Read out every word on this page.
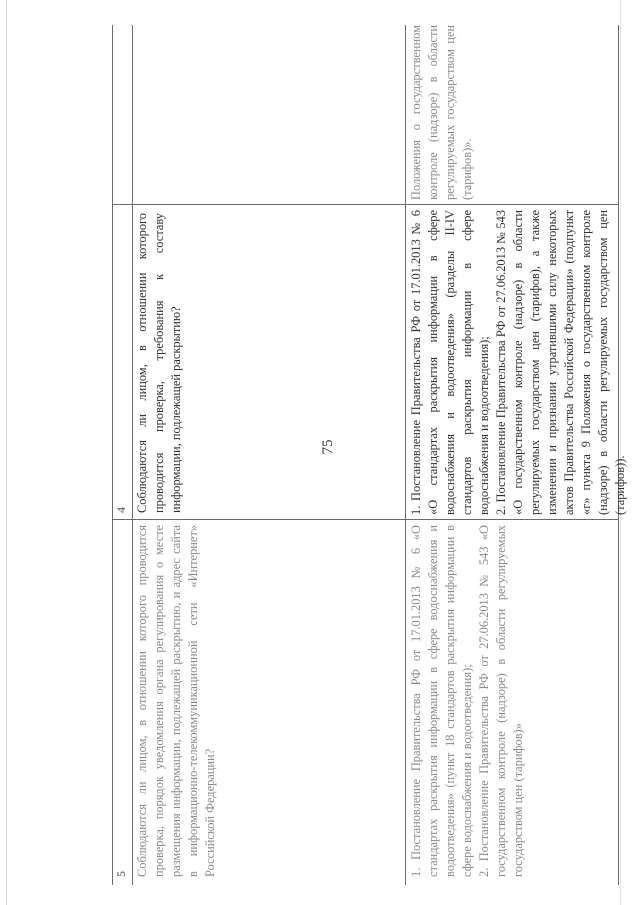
75
4 Соблюдаются ли лицом, в отношении которого проводится проверка, требования к составу информации, подлежащей раскрытию?	1. Постановление Правительства РФ от 17.01.2013 № 6 «О стандартах раскрытия информации в сфере водоснабжения и водоотведения» (разделы II-IV стандартов раскрытия информации в сфере водоснабжения и водоотведения); 2. Постановление Правительства РФ от 27.06.2013 № 543 «О государственном контроле (надзоре) в области регулируемых государством цен (тарифов), а также изменении и признании утратившими силу некоторых актов Правительства Российской Федерации» (подпункт «г» пункта 9 Положения о государственном контроле (надзоре) в области регулируемых государством цен (тарифов)).

Положения о государственном контроле (надзоре) в области регулируемых государством цен (тарифов)».
5 Соблюдаются ли лицом, в отношении которого проводится проверка, порядок уведомления органа регулирования о месте размещения информации, подлежащей раскрытию, и адрес сайта в информационно-телекоммуникационной сети «Интернет» Российской Федерации?	1. Постановление Правительства РФ от 17.01.2013 № 6 «О стандартах раскрытия информации в сфере водоснабжения и водоотведения» (пункт 18 стандартов раскрытия информации в сфере водоснабжения и водоотведения); 2. Постановление Правительства РФ от 27.06.2013 № 543 «О государственном контроле (надзоре) в области регулируемых государством цен (тарифов)»
